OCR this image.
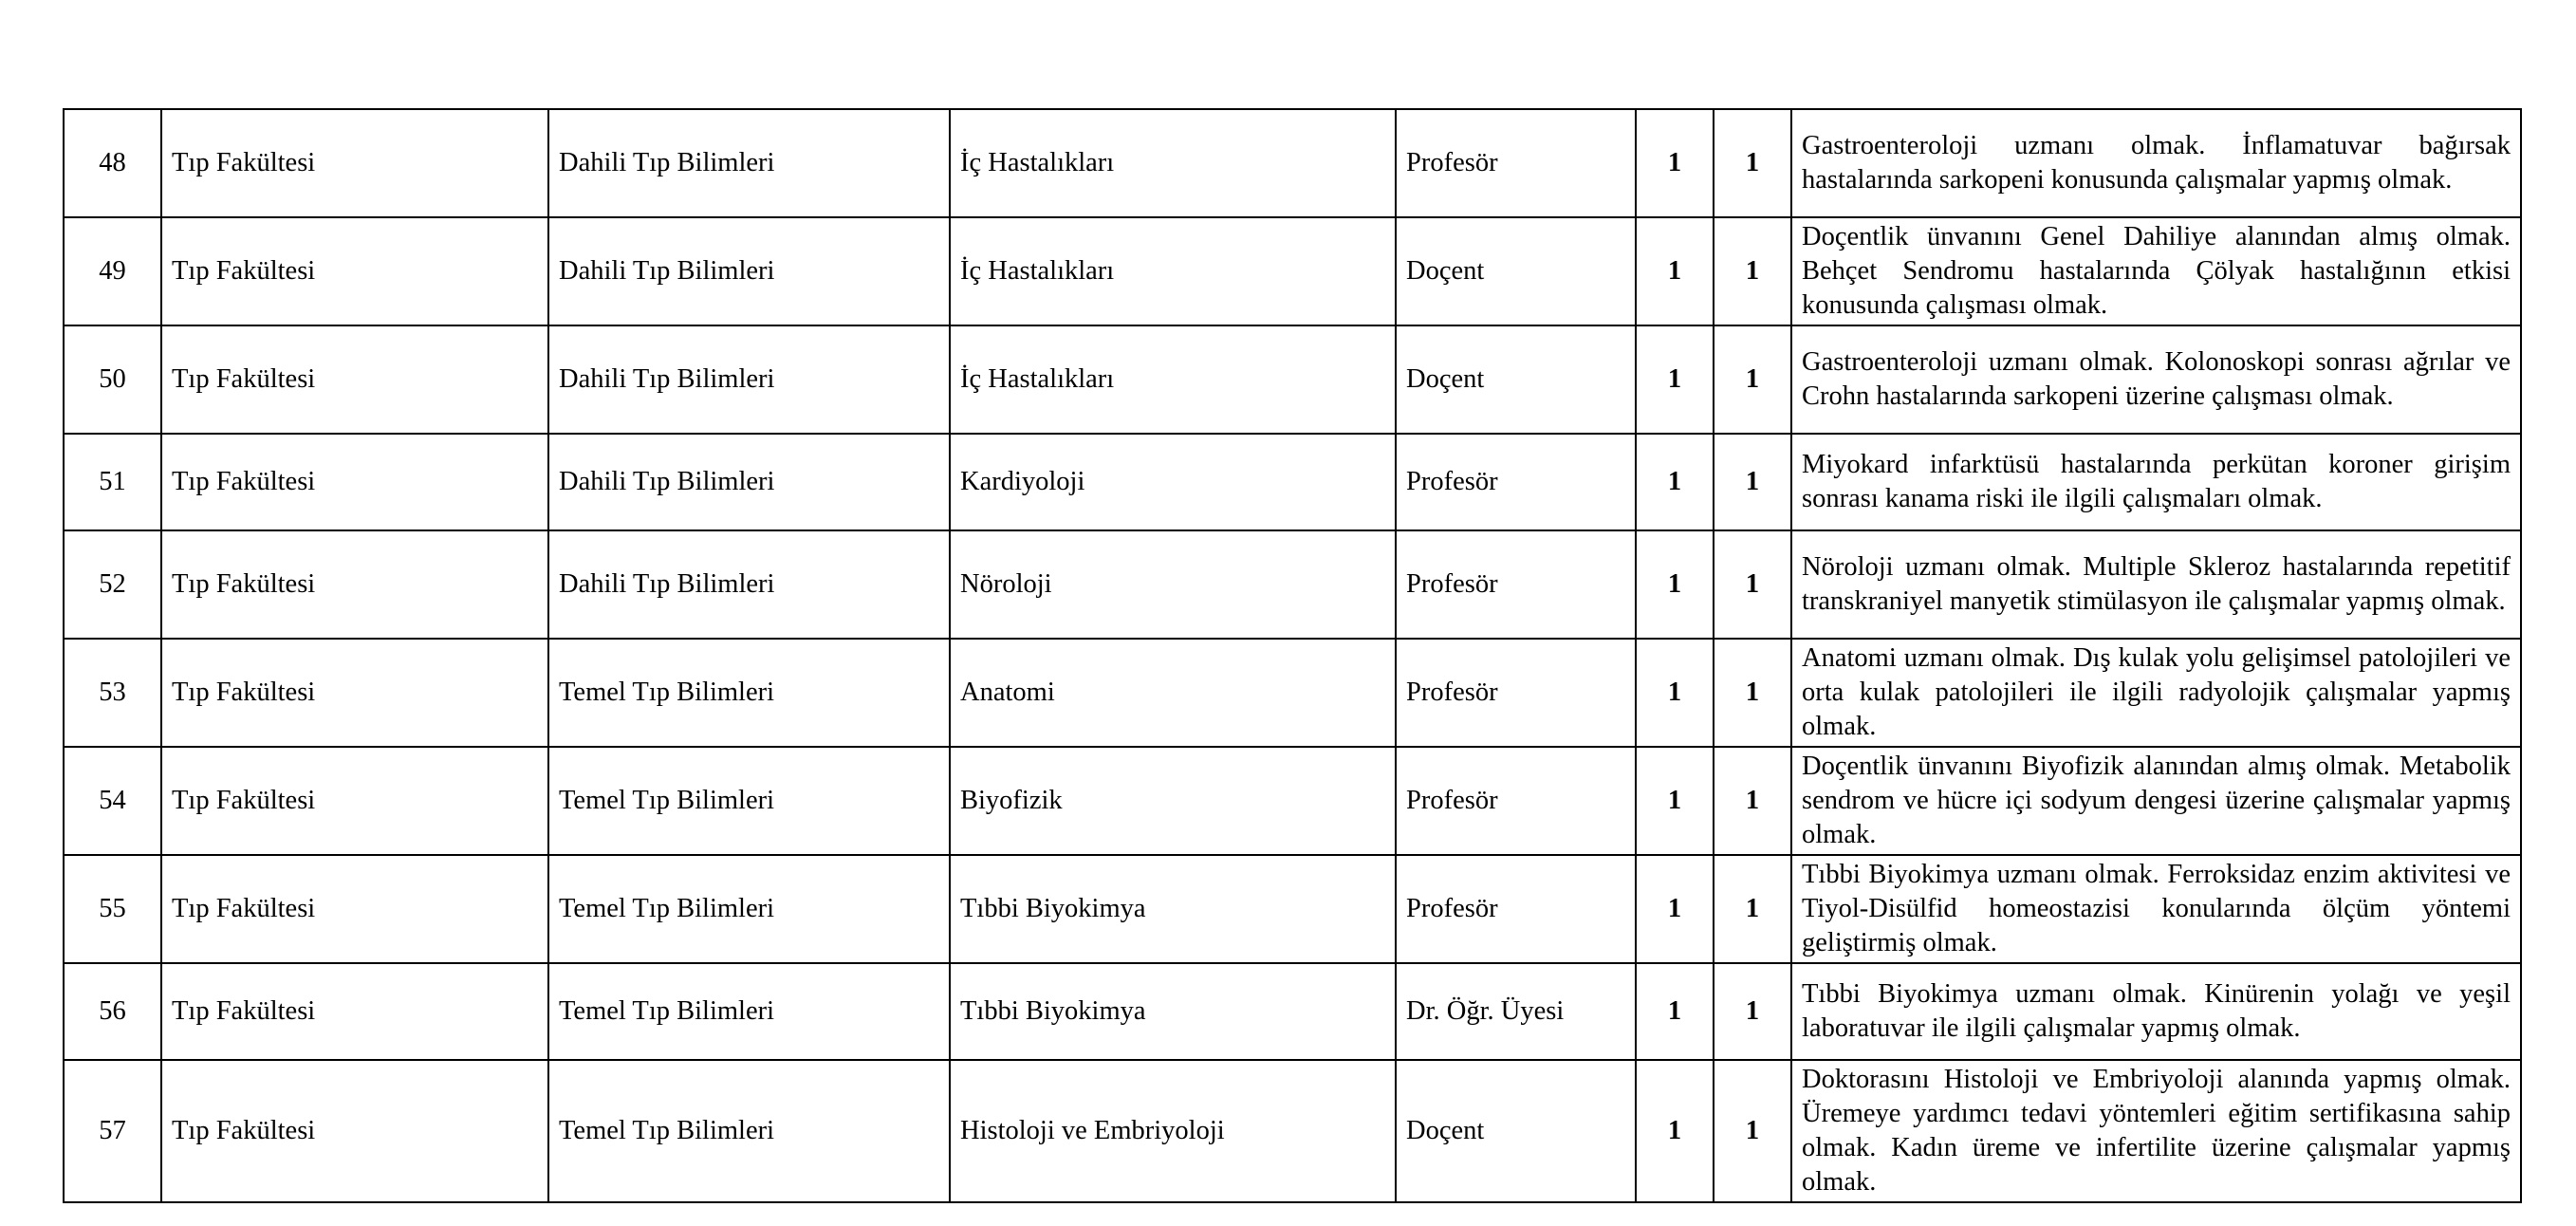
48	Tıp Fakültesi	Dahili Tıp Bilimleri	İç Hastalıkları	Profesör	1	1	Gastroenteroloji uzmanı olmak. İnflamatuvar bağırsak hastalarında sarkopeni konusunda çalışmalar yapmış olmak.
49	Tıp Fakültesi	Dahili Tıp Bilimleri	İç Hastalıkları	Doçent	1	1	Doçentlik ünvanını Genel Dahiliye alanından almış olmak. Behçet Sendromu hastalarında Çölyak hastalığının etkisi konusunda çalışması olmak.
50	Tıp Fakültesi	Dahili Tıp Bilimleri	İç Hastalıkları	Doçent	1	1	Gastroenteroloji uzmanı olmak. Kolonoskopi sonrası ağrılar ve Crohn hastalarında sarkopeni üzerine çalışması olmak.
51	Tıp Fakültesi	Dahili Tıp Bilimleri	Kardiyoloji	Profesör	1	1	Miyokard infarktüsü hastalarında perkütan koroner girişim sonrası kanama riski ile ilgili çalışmaları olmak.
52	Tıp Fakültesi	Dahili Tıp Bilimleri	Nöroloji	Profesör	1	1	Nöroloji uzmanı olmak. Multiple Skleroz hastalarında repetitif transkraniyel manyetik stimülasyon ile çalışmalar yapmış olmak.
53	Tıp Fakültesi	Temel Tıp Bilimleri	Anatomi	Profesör	1	1	Anatomi uzmanı olmak. Dış kulak yolu gelişimsel patolojileri ve orta kulak patolojileri ile ilgili radyolojik çalışmalar yapmış olmak.
54	Tıp Fakültesi	Temel Tıp Bilimleri	Biyofizik	Profesör	1	1	Doçentlik ünvanını Biyofizik alanından almış olmak. Metabolik sendrom ve hücre içi sodyum dengesi üzerine çalışmalar yapmış olmak.
55	Tıp Fakültesi	Temel Tıp Bilimleri	Tıbbi Biyokimya	Profesör	1	1	Tıbbi Biyokimya uzmanı olmak. Ferroksidaz enzim aktivitesi ve Tiyol-Disülfid homeostazisi konularında ölçüm yöntemi geliştirmiş olmak.
56	Tıp Fakültesi	Temel Tıp Bilimleri	Tıbbi Biyokimya	Dr. Öğr. Üyesi	1	1	Tıbbi Biyokimya uzmanı olmak. Kinürenin yolağı ve yeşil laboratuvar ile ilgili çalışmalar yapmış olmak.
57	Tıp Fakültesi	Temel Tıp Bilimleri	Histoloji ve Embriyoloji	Doçent	1	1	Doktorasını Histoloji ve Embriyoloji alanında yapmış olmak. Üremeye yardımcı tedavi yöntemleri eğitim sertifikasına sahip olmak. Kadın üreme ve infertilite üzerine çalışmalar yapmış olmak.
